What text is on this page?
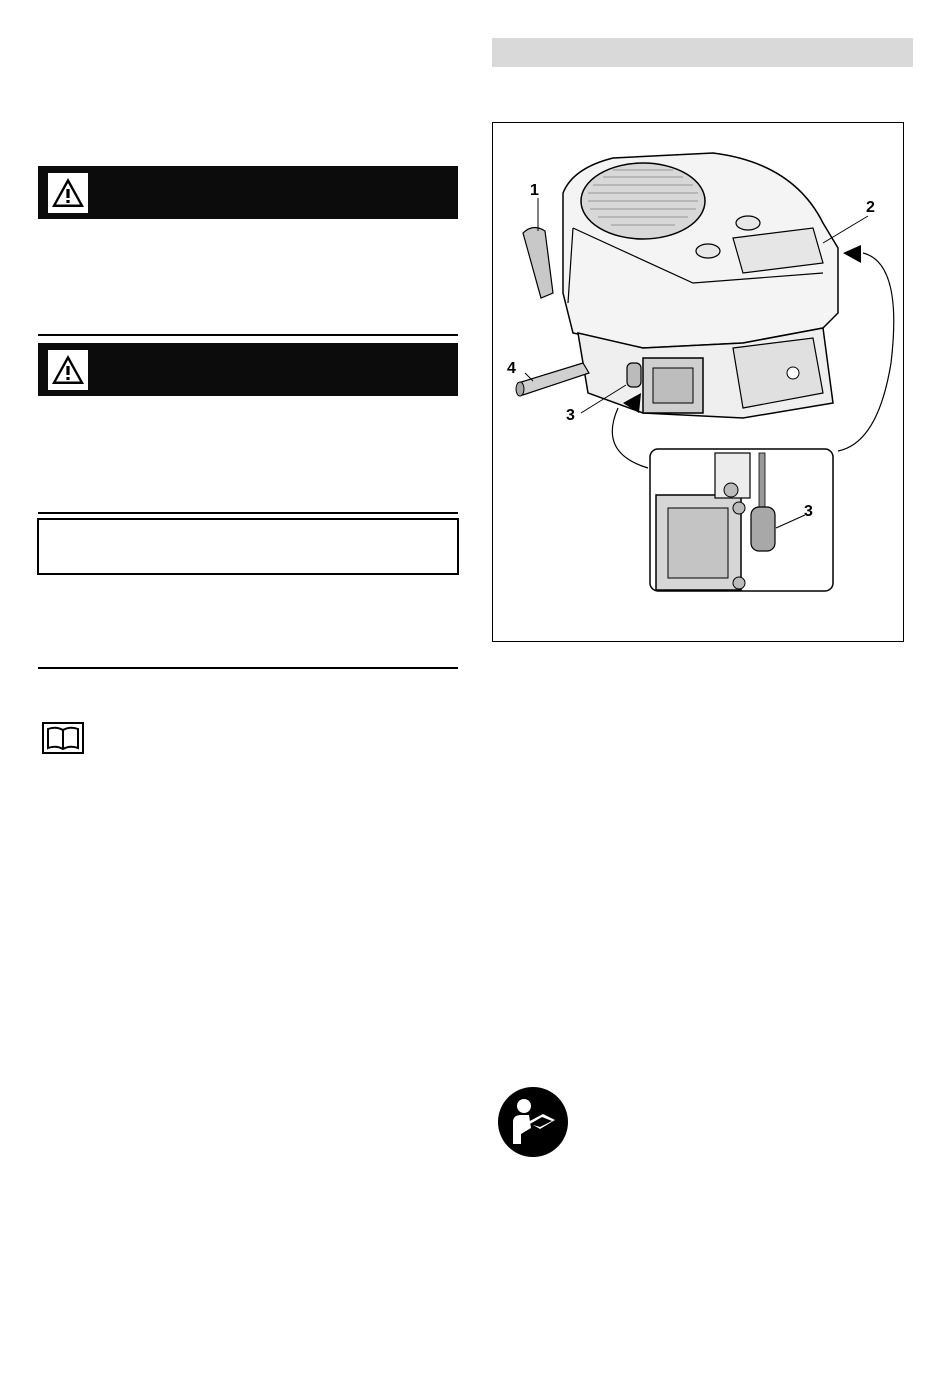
1
2
4
3
3
